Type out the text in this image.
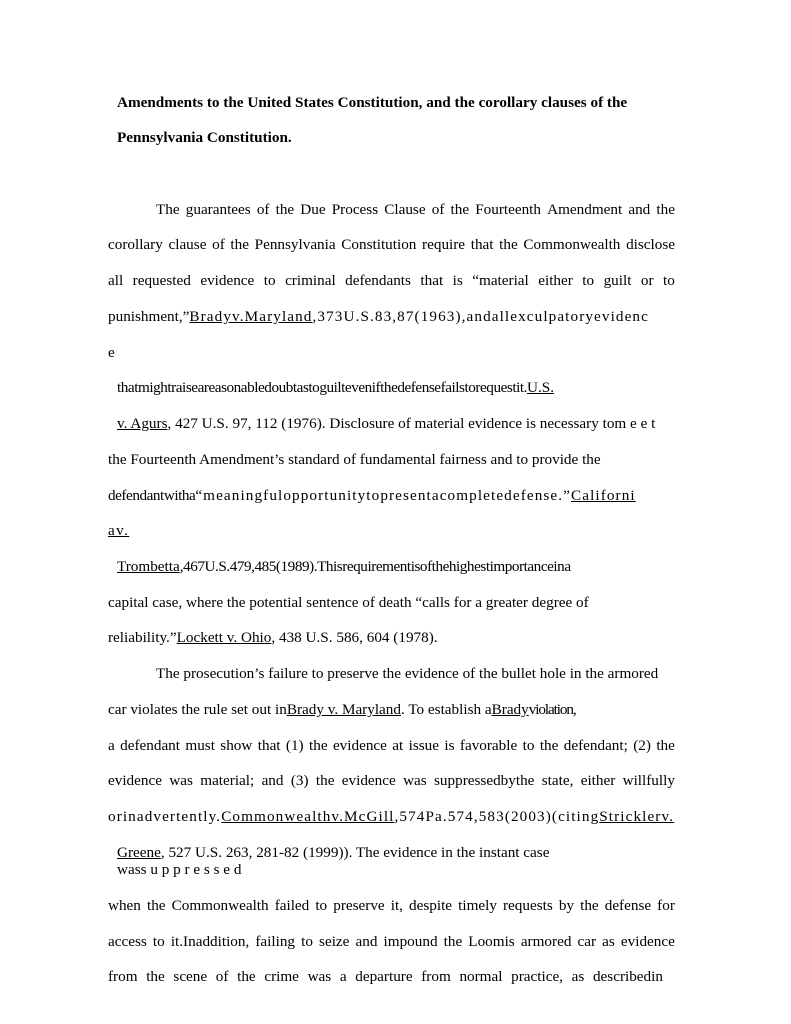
Amendments to the United States Constitution, and the corollary clauses of the
Pennsylvania Constitution.
The guarantees of the Due Process Clause of the Fourteenth Amendment and the
corollary clause of the Pennsylvania Constitution require that the Commonwealth disclose
all requested evidence to criminal defendants that is “material either to guilt or to
punishment,”Bradyv.Maryland,373U.S.83,87(1963),andallexculpatoryevidenc
e
thatmightraiseareasonabledoubtastoguiltevenifthedefensefailstorequestit.U.S.
v. Agurs, 427 U.S. 97, 112 (1976). Disclosure of material evidence is necessary tom e e t
the Fourteenth Amendment’s standard of fundamental fairness and to provide the
defendantwitha“meaningfulopportunitytopresentacompletedefense.”Californi
av.
Trombetta,467U.S.479,485(1989).Thisrequirementisofthehighestimportanceina
capital case, where the potential sentence of death “calls for a greater degree of
reliability.”Lockett v. Ohio, 438 U.S. 586, 604 (1978).
The prosecution’s failure to preserve the evidence of the bullet hole in the armored
car violates the rule set out inBrady v. Maryland. To establish aBradyviolation,
a defendant must show that (1) the evidence at issue is favorable to the defendant; (2) the
evidence was material; and (3) the evidence was suppressedbythe state, either willfully
orinadvertently.Commonwealthv.McGill,574Pa.574,583(2003)(citingStricklerv.
Greene, 527 U.S. 263, 281-82 (1999)). The evidence in the instant case
wass u p p r e s s e d
when the Commonwealth failed to preserve it, despite timely requests by the defense for
access to it.Inaddition, failing to seize and impound the Loomis armored car as evidence
from the scene of the crime was a departure from normal practice, as describedin
